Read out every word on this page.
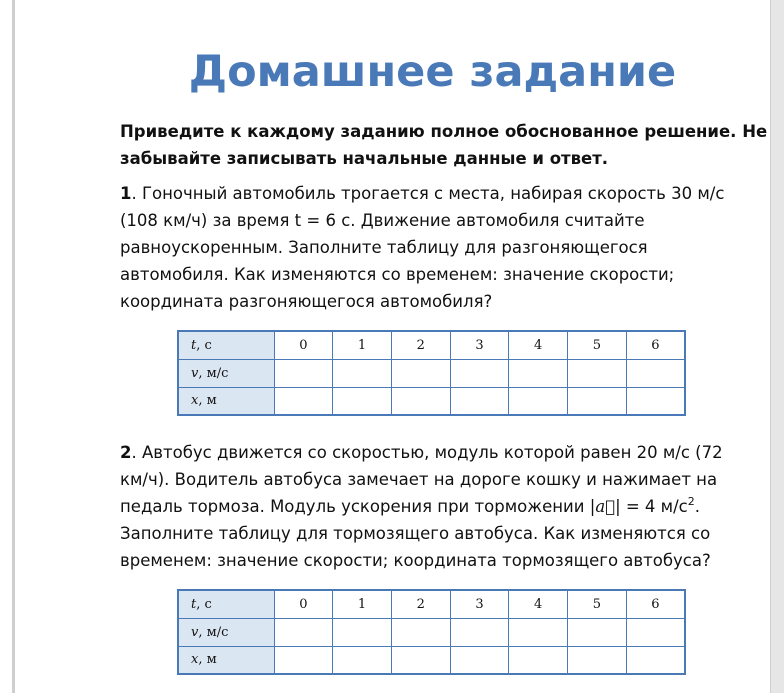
Домашнее задание
Приведите к каждому заданию полное обоснованное решение. Не
забывайте записывать начальные данные и ответ.
1. Гоночный автомобиль трогается с места, набирая скорость 30 м/с
(108 км/ч) за время t = 6 с. Движение автомобиля считайте
равноускоренным. Заполните таблицу для разгоняющегося
автомобиля. Как изменяются со временем: значение скорости;
координата разгоняющегося автомобиля?
t, с	0	1	2	3	4	5	6
v, м/с							
x, м							
2. Автобус движется со скоростью, модуль которой равен 20 м/с (72
км/ч). Водитель автобуса замечает на дороге кошку и нажимает на
педаль тормоза. Модуль ускорения при торможении |a⃗| = 4 $м/с^2$.
Заполните таблицу для тормозящего автобуса. Как изменяются со
временем: значение скорости; координата тормозящего автобуса?
t, с	0	1	2	3	4	5	6
v, м/с							
x, м							
